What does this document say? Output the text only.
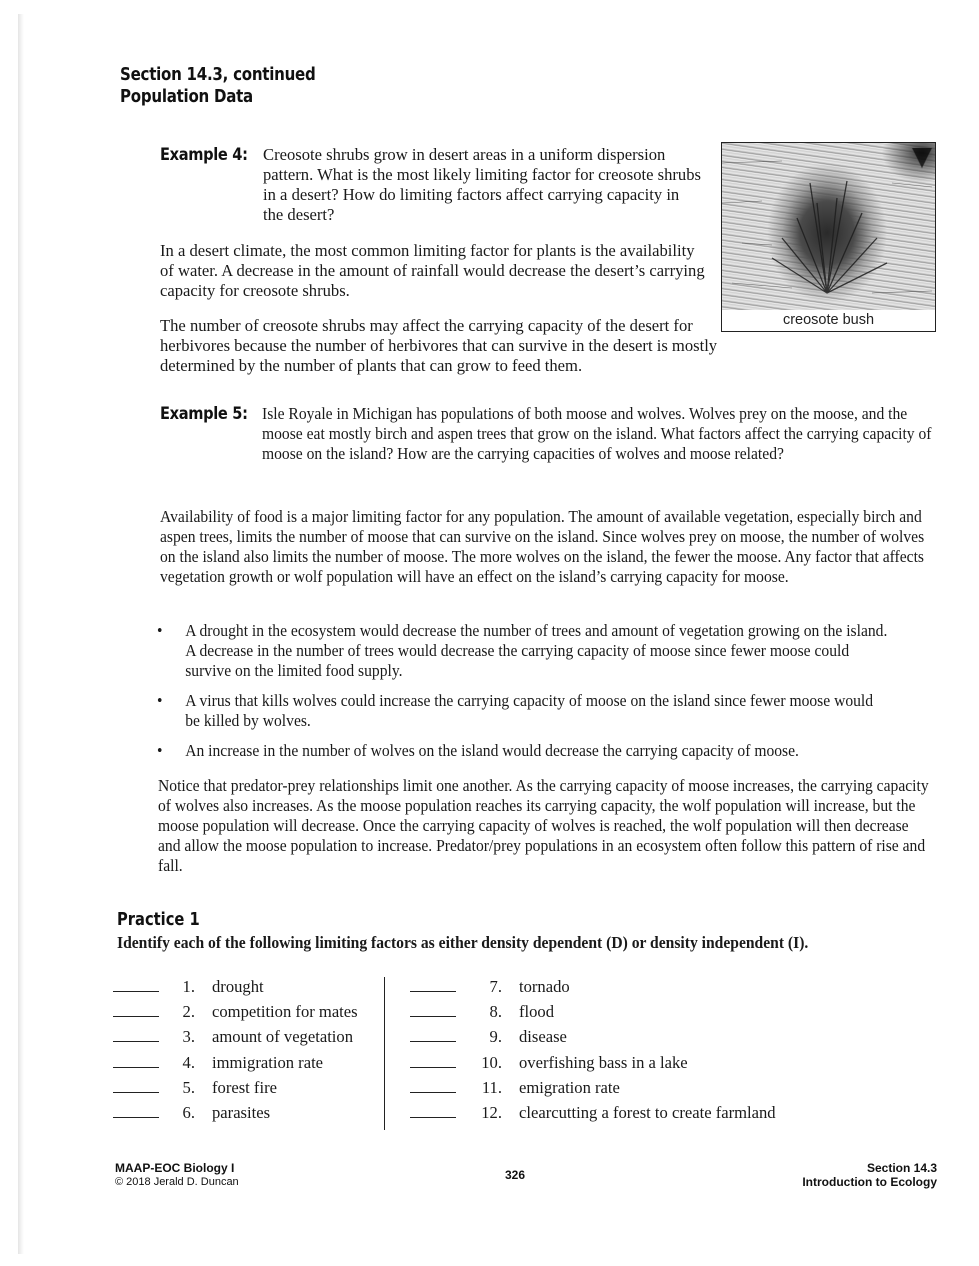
Section 14.3, continued
Population Data
Example 4: Creosote shrubs grow in desert areas in a uniform dispersion pattern. What is the most likely limiting factor for creosote shrubs in a desert? How do limiting factors affect carrying capacity in the desert?
In a desert climate, the most common limiting factor for plants is the availability of water. A decrease in the amount of rainfall would decrease the desert’s carrying capacity for creosote shrubs.
The number of creosote shrubs may affect the carrying capacity of the desert for herbivores because the number of herbivores that can survive in the desert is mostly determined by the number of plants that can grow to feed them.
creosote bush
Example 5: Isle Royale in Michigan has populations of both moose and wolves. Wolves prey on the moose, and the moose eat mostly birch and aspen trees that grow on the island. What factors affect the carrying capacity of moose on the island? How are the carrying capacities of wolves and moose related?
Availability of food is a major limiting factor for any population. The amount of available vegetation, especially birch and aspen trees, limits the number of moose that can survive on the island. Since wolves prey on moose, the number of wolves on the island also limits the number of moose. The more wolves on the island, the fewer the moose. Any factor that affects vegetation growth or wolf population will have an effect on the island’s carrying capacity for moose.
• A drought in the ecosystem would decrease the number of trees and amount of vegetation growing on the island. A decrease in the number of trees would decrease the carrying capacity of moose since fewer moose could survive on the limited food supply.
• A virus that kills wolves could increase the carrying capacity of moose on the island since fewer moose would be killed by wolves.
• An increase in the number of wolves on the island would decrease the carrying capacity of moose.
Notice that predator-prey relationships limit one another. As the carrying capacity of moose increases, the carrying capacity of wolves also increases. As the moose population reaches its carrying capacity, the wolf population will increase, but the moose population will decrease. Once the carrying capacity of wolves is reached, the wolf population will then decrease and allow the moose population to increase. Predator/prey populations in an ecosystem often follow this pattern of rise and fall.
Practice 1
Identify each of the following limiting factors as either density dependent (D) or density independent (I).
1. drought
2. competition for mates
3. amount of vegetation
4. immigration rate
5. forest fire
6. parasites
7. tornado
8. flood
9. disease
10. overfishing bass in a lake
11. emigration rate
12. clearcutting a forest to create farmland
MAAP-EOC Biology I
© 2018 Jerald D. Duncan	326	Section 14.3
Introduction to Ecology
